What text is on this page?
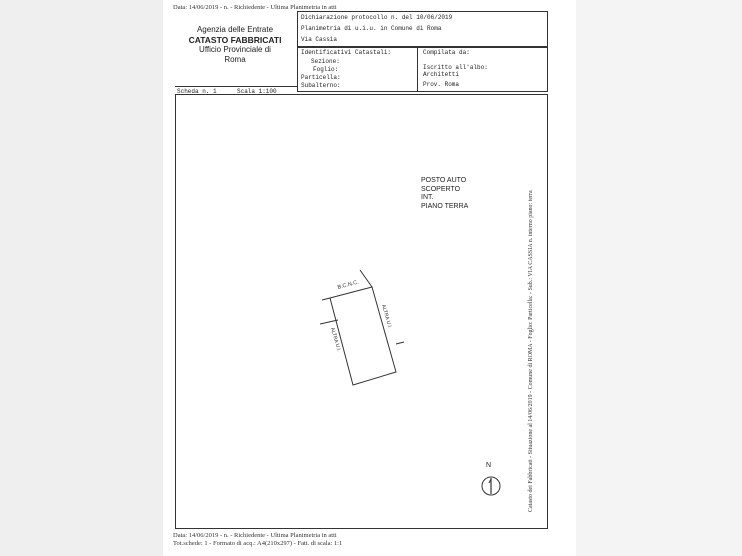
Data: 14/06/2019 - n. - Richiedente - Ultima Planimetria in atti
Agenzia delle Entrate
CATASTO FABBRICATI
Ufficio Provinciale di
Roma
Dichiarazione protocollo n. del 10/06/2019
Planimetria di u.i.u. in Comune di Roma
Via Cassia
Identificativi Catastali:
Sezione:
Foglio:
Particella:
Subalterno:
Compilata da:
Iscritto all'albo:
Architetti
Prov. Roma
Scheda n. 1	Scala 1:100
POSTO AUTO
SCOPERTO
INT.
PIANO TERRA
B.C.N.C.
ALTRA U.I.
ALTRA U.I.
N	Catasto dei Fabbricati - Situazione al 14/06/2019 - Comune di ROMA - Foglio: Particella: - Sub.: VIA CASSIA n. interno piano: terra
Data: 14/06/2019 - n. - Richiedente - Ultima Planimetria in atti
Tot.schede: 1 - Formato di acq.: A4(210x297) - Fatt. di scala: 1:1
